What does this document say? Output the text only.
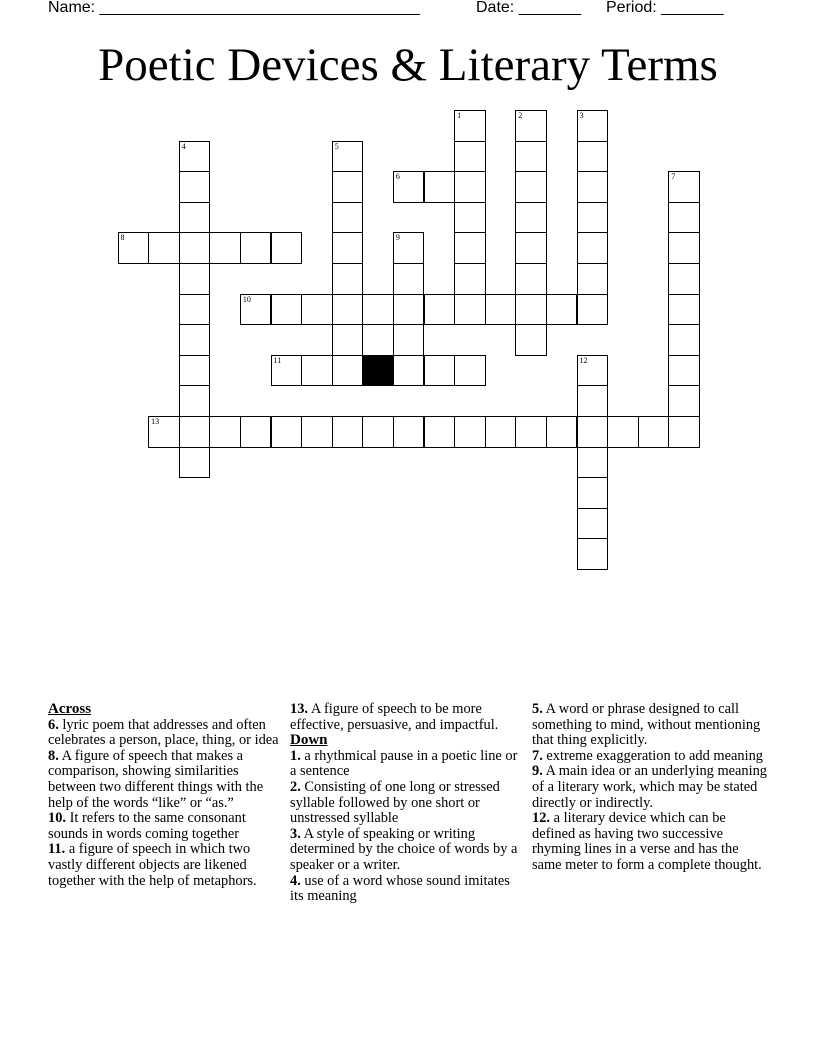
Name: ____________________________________	Date: _______ Period: _______
Poetic Devices & Literary Terms
1	2	3
4	5
6	7
8	9
10
11	12
13
Across

6. lyric poem that addresses and often celebrates a person, place, thing, or idea

8. A figure of speech that makes a comparison, showing similarities between two different things with the help of the words “like” or “as.”

10. It refers to the same consonant sounds in words coming together

11. a figure of speech in which two vastly different objects are likened together with the help of metaphors.

13. A figure of speech to be more effective, persuasive, and impactful.

Down

1. a rhythmical pause in a poetic line or a sentence

2. Consisting of one long or stressed syllable followed by one short or unstressed syllable

3. A style of speaking or writing determined by the choice of words by a speaker or a writer.

4. use of a word whose sound imitates its meaning

5. A word or phrase designed to call something to mind, without mentioning that thing explicitly.

7. extreme exaggeration to add meaning

9. A main idea or an underlying meaning of a literary work, which may be stated directly or indirectly.

12. a literary device which can be defined as having two successive rhyming lines in a verse and has the same meter to form a complete thought.
